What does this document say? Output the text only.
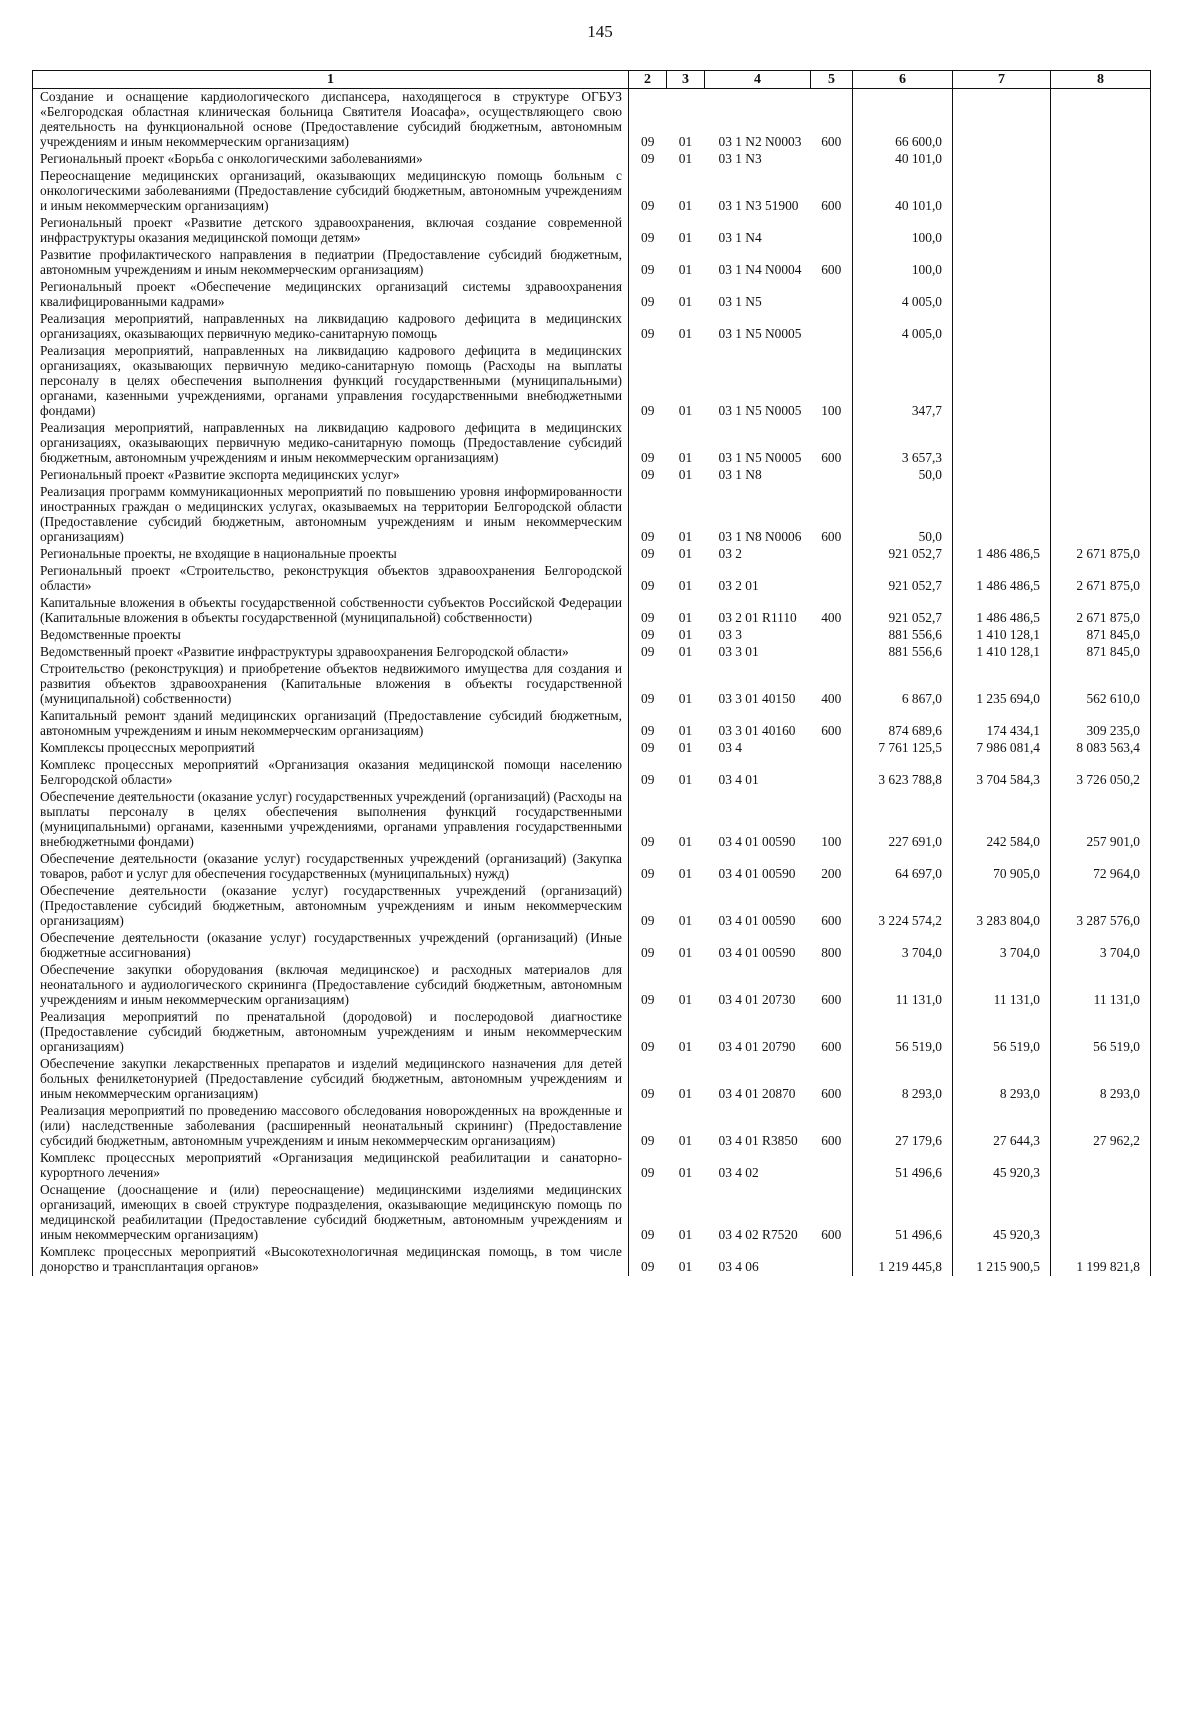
145
1	2	3	4	5	6	7	8
Создание и оснащение кардиологического диспансера, находящегося в структуре ОГБУЗ «Белгородская областная клиническая больница Святителя Иоасафа», осуществляющего свою деятельность на функциональной основе (Предоставление субсидий бюджетным, автономным учреждениям и иным некоммерческим организациям)	09	01	03 1 N2 N0003	600	66 600,0		
Региональный проект «Борьба с онкологическими заболеваниями»	09	01	03 1 N3		40 101,0		
Переоснащение медицинских организаций, оказывающих медицинскую помощь больным с онкологическими заболеваниями (Предоставление субсидий бюджетным, автономным учреждениям и иным некоммерческим организациям)	09	01	03 1 N3 51900	600	40 101,0		
Региональный проект «Развитие детского здравоохранения, включая создание современной инфраструктуры оказания медицинской помощи детям»	09	01	03 1 N4		100,0		
Развитие профилактического направления в педиатрии (Предоставление субсидий бюджетным, автономным учреждениям и иным некоммерческим организациям)	09	01	03 1 N4 N0004	600	100,0		
Региональный проект «Обеспечение медицинских организаций системы здравоохранения квалифицированными кадрами»	09	01	03 1 N5		4 005,0		
Реализация мероприятий, направленных на ликвидацию кадрового дефицита в медицинских организациях, оказывающих первичную медико-санитарную помощь	09	01	03 1 N5 N0005		4 005,0		
Реализация мероприятий, направленных на ликвидацию кадрового дефицита в медицинских организациях, оказывающих первичную медико-санитарную помощь (Расходы на выплаты персоналу в целях обеспечения выполнения функций государственными (муниципальными) органами, казенными учреждениями, органами управления государственными внебюджетными фондами)	09	01	03 1 N5 N0005	100	347,7		
Реализация мероприятий, направленных на ликвидацию кадрового дефицита в медицинских организациях, оказывающих первичную медико-санитарную помощь (Предоставление субсидий бюджетным, автономным учреждениям и иным некоммерческим организациям)	09	01	03 1 N5 N0005	600	3 657,3		
Региональный проект «Развитие экспорта медицинских услуг»	09	01	03 1 N8		50,0		
Реализация программ коммуникационных мероприятий по повышению уровня информированности иностранных граждан о медицинских услугах, оказываемых на территории Белгородской области (Предоставление субсидий бюджетным, автономным учреждениям и иным некоммерческим организациям)	09	01	03 1 N8 N0006	600	50,0		
Региональные проекты, не входящие в национальные проекты	09	01	03 2		921 052,7	1 486 486,5	2 671 875,0
Региональный проект «Строительство, реконструкция объектов здравоохранения Белгородской области»	09	01	03 2 01		921 052,7	1 486 486,5	2 671 875,0
Капитальные вложения в объекты государственной собственности субъектов Российской Федерации (Капитальные вложения в объекты государственной (муниципальной) собственности)	09	01	03 2 01 R1110	400	921 052,7	1 486 486,5	2 671 875,0
Ведомственные проекты	09	01	03 3		881 556,6	1 410 128,1	871 845,0
Ведомственный проект «Развитие инфраструктуры здравоохранения Белгородской области»	09	01	03 3 01		881 556,6	1 410 128,1	871 845,0
Строительство (реконструкция) и приобретение объектов недвижимого имущества для создания и развития объектов здравоохранения (Капитальные вложения в объекты государственной (муниципальной) собственности)	09	01	03 3 01 40150	400	6 867,0	1 235 694,0	562 610,0
Капитальный ремонт зданий медицинских организаций (Предоставление субсидий бюджетным, автономным учреждениям и иным некоммерческим организациям)	09	01	03 3 01 40160	600	874 689,6	174 434,1	309 235,0
Комплексы процессных мероприятий	09	01	03 4		7 761 125,5	7 986 081,4	8 083 563,4
Комплекс процессных мероприятий «Организация оказания медицинской помощи населению Белгородской области»	09	01	03 4 01		3 623 788,8	3 704 584,3	3 726 050,2
Обеспечение деятельности (оказание услуг) государственных учреждений (организаций) (Расходы на выплаты персоналу в целях обеспечения выполнения функций государственными (муниципальными) органами, казенными учреждениями, органами управления государственными внебюджетными фондами)	09	01	03 4 01 00590	100	227 691,0	242 584,0	257 901,0
Обеспечение деятельности (оказание услуг) государственных учреждений (организаций) (Закупка товаров, работ и услуг для обеспечения государственных (муниципальных) нужд)	09	01	03 4 01 00590	200	64 697,0	70 905,0	72 964,0
Обеспечение деятельности (оказание услуг) государственных учреждений (организаций) (Предоставление субсидий бюджетным, автономным учреждениям и иным некоммерческим организациям)	09	01	03 4 01 00590	600	3 224 574,2	3 283 804,0	3 287 576,0
Обеспечение деятельности (оказание услуг) государственных учреждений (организаций) (Иные бюджетные ассигнования)	09	01	03 4 01 00590	800	3 704,0	3 704,0	3 704,0
Обеспечение закупки оборудования (включая медицинское) и расходных материалов для неонатального и аудиологического скрининга (Предоставление субсидий бюджетным, автономным учреждениям и иным некоммерческим организациям)	09	01	03 4 01 20730	600	11 131,0	11 131,0	11 131,0
Реализация мероприятий по пренатальной (дородовой) и послеродовой диагностике (Предоставление субсидий бюджетным, автономным учреждениям и иным некоммерческим организациям)	09	01	03 4 01 20790	600	56 519,0	56 519,0	56 519,0
Обеспечение закупки лекарственных препаратов и изделий медицинского назначения для детей больных фенилкетонурией (Предоставление субсидий бюджетным, автономным учреждениям и иным некоммерческим организациям)	09	01	03 4 01 20870	600	8 293,0	8 293,0	8 293,0
Реализация мероприятий по проведению массового обследования новорожденных на врожденные и (или) наследственные заболевания (расширенный неонатальный скрининг) (Предоставление субсидий бюджетным, автономным учреждениям и иным некоммерческим организациям)	09	01	03 4 01 R3850	600	27 179,6	27 644,3	27 962,2
Комплекс процессных мероприятий «Организация медицинской реабилитации и санаторно-курортного лечения»	09	01	03 4 02		51 496,6	45 920,3	
Оснащение (дооснащение и (или) переоснащение) медицинскими изделиями медицинских организаций, имеющих в своей структуре подразделения, оказывающие медицинскую помощь по медицинской реабилитации (Предоставление субсидий бюджетным, автономным учреждениям и иным некоммерческим организациям)	09	01	03 4 02 R7520	600	51 496,6	45 920,3	
Комплекс процессных мероприятий «Высокотехнологичная медицинская помощь, в том числе донорство и трансплантация органов»	09	01	03 4 06		1 219 445,8	1 215 900,5	1 199 821,8
